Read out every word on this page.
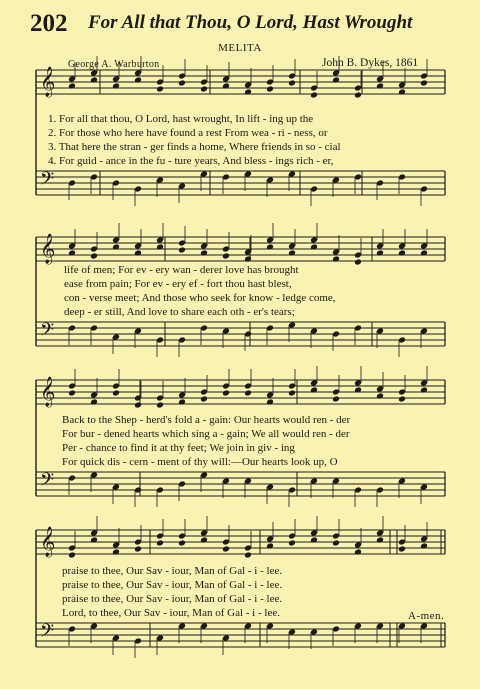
202 For All that Thou, O Lord, Hast Wrought
MELITA
George A. Warburton	John B. Dykes, 1861
𝄞
𝄢
𝄞
𝄢
𝄞
𝄢
𝄞
𝄢
1. For all that thou, O Lord, hast wrought, In lift - ing up the
2. For those who here have found a rest From wea - ri - ness, or
3. That here the stran - ger finds a home, Where friends in so - cial
4. For guid - ance in the fu - ture years, And bless - ings rich - er,
life of men; For ev - ery wan - derer love has brought
ease from pain; For ev - ery ef - fort thou hast blest,
con - verse meet; And those who seek for know - ledge come,
deep - er still, And love to share each oth - er's tears;
Back to the Shep - herd's fold a - gain: Our hearts would ren - der
For bur - dened hearts which sing a - gain; We all would ren - der
Per - chance to find it at thy feet; We join in giv - ing
For quick dis - cern - ment of thy will:—Our hearts look up, O
praise to thee, Our Sav - iour, Man of Gal - i - lee.
praise to thee, Our Sav - iour, Man of Gal - i - lee.
praise to thee, Our Sav - iour, Man of Gal - i - lee.
Lord, to thee, Our Sav - iour, Man of Gal - i - lee.	A-men.
